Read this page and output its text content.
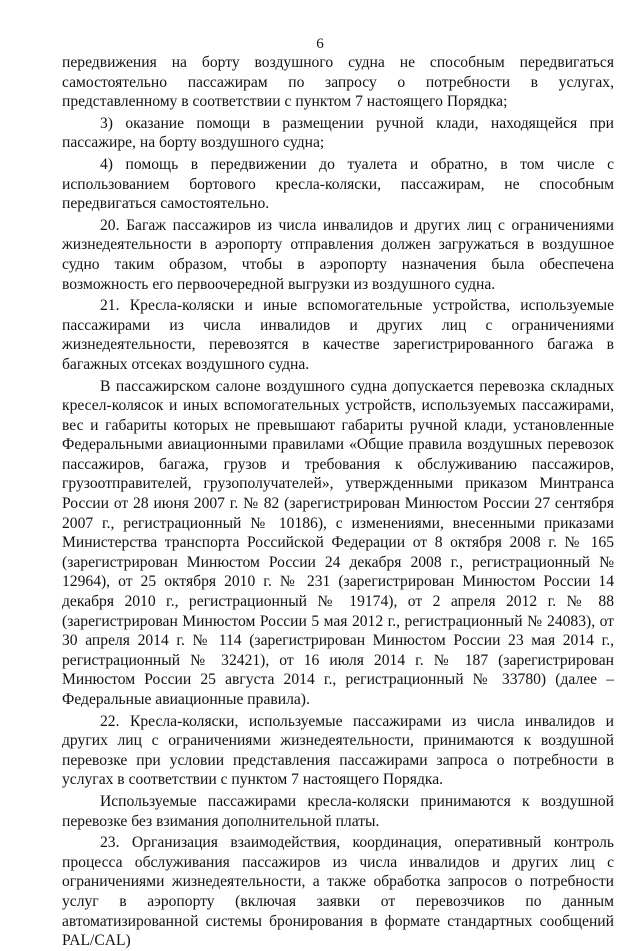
6

передвижения на борту воздушного судна не способным передвигаться самостоятельно пассажирам по запросу о потребности в услугах, представленному в соответствии с пунктом 7 настоящего Порядка;

3) оказание помощи в размещении ручной клади, находящейся при пассажире, на борту воздушного судна;

4) помощь в передвижении до туалета и обратно, в том числе с использованием бортового кресла-коляски, пассажирам, не способным передвигаться самостоятельно.

20. Багаж пассажиров из числа инвалидов и других лиц с ограничениями жизнедеятельности в аэропорту отправления должен загружаться в воздушное судно таким образом, чтобы в аэропорту назначения была обеспечена возможность его первоочередной выгрузки из воздушного судна.

21. Кресла-коляски и иные вспомогательные устройства, используемые пассажирами из числа инвалидов и других лиц с ограничениями жизнедеятельности, перевозятся в качестве зарегистрированного багажа в багажных отсеках воздушного судна.

В пассажирском салоне воздушного судна допускается перевозка складных кресел-колясок и иных вспомогательных устройств, используемых пассажирами, вес и габариты которых не превышают габариты ручной клади, установленные Федеральными авиационными правилами «Общие правила воздушных перевозок пассажиров, багажа, грузов и требования к обслуживанию пассажиров, грузоотправителей, грузополучателей», утвержденными приказом Минтранса России от 28 июня 2007 г. № 82 (зарегистрирован Минюстом России 27 сентября 2007 г., регистрационный № 10186), с изменениями, внесенными приказами Министерства транспорта Российской Федерации от 8 октября 2008 г. № 165 (зарегистрирован Минюстом России 24 декабря 2008 г., регистрационный № 12964), от 25 октября 2010 г. № 231 (зарегистрирован Минюстом России 14 декабря 2010 г., регистрационный № 19174), от 2 апреля 2012 г. № 88 (зарегистрирован Минюстом России 5 мая 2012 г., регистрационный № 24083), от 30 апреля 2014 г. № 114 (зарегистрирован Минюстом России 23 мая 2014 г., регистрационный № 32421), от 16 июля 2014 г. № 187 (зарегистрирован Минюстом России 25 августа 2014 г., регистрационный № 33780) (далее – Федеральные авиационные правила).

22. Кресла-коляски, используемые пассажирами из числа инвалидов и других лиц с ограничениями жизнедеятельности, принимаются к воздушной перевозке при условии представления пассажирами запроса о потребности в услугах в соответствии с пунктом 7 настоящего Порядка.

Используемые пассажирами кресла-коляски принимаются к воздушной перевозке без взимания дополнительной платы.

23. Организация взаимодействия, координация, оперативный контроль процесса обслуживания пассажиров из числа инвалидов и других лиц с ограничениями жизнедеятельности, а также обработка запросов о потребности услуг в аэропорту (включая заявки от перевозчиков по данным автоматизированной системы бронирования в формате стандартных сообщений PAL/CAL)
